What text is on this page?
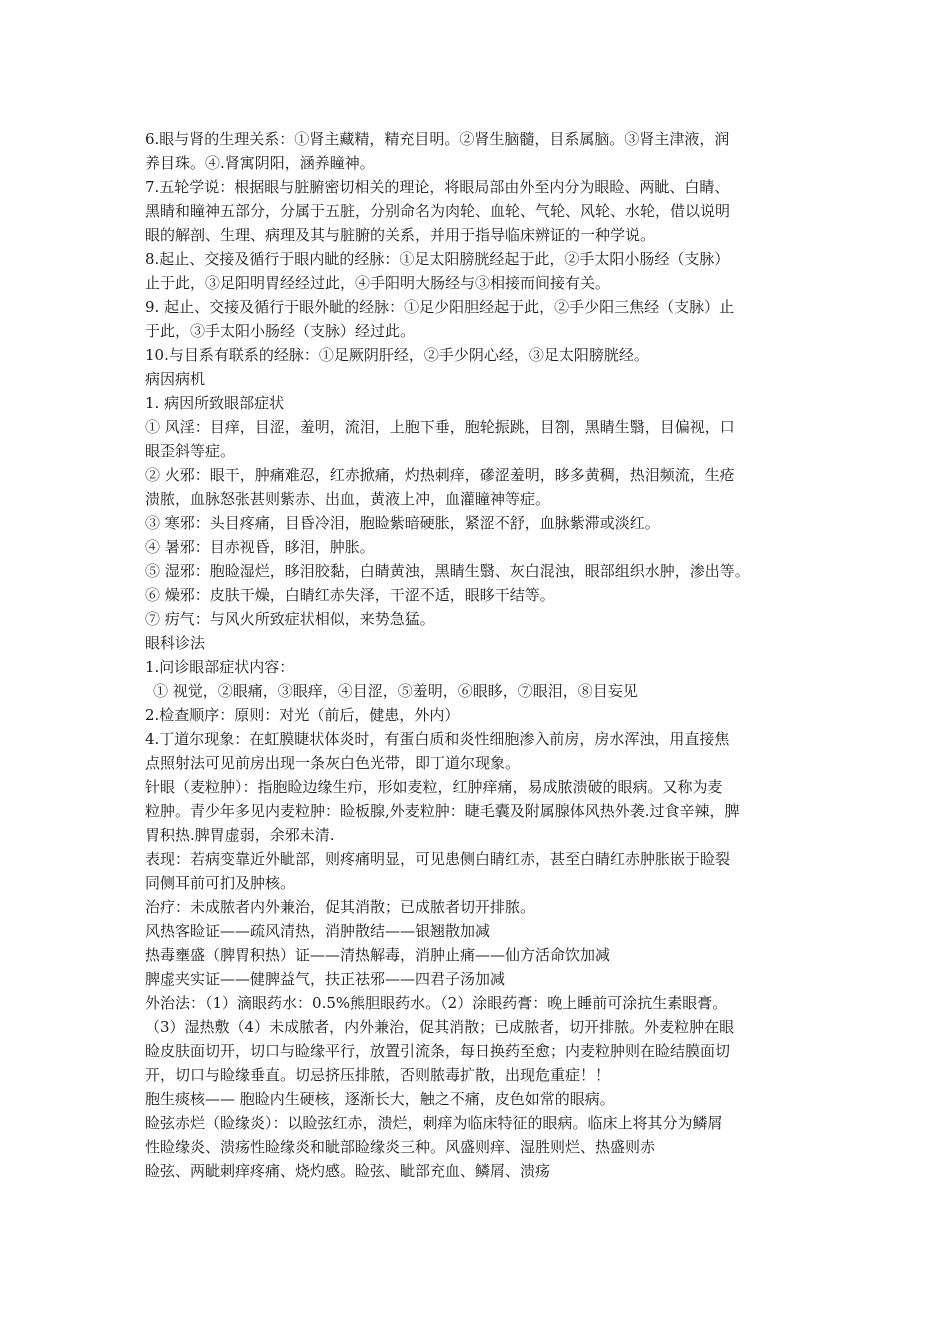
6.眼与肾的生理关系：①肾主藏精，精充目明。②肾生脑髓，目系属脑。③肾主津液，润

养目珠。④.肾寓阴阳，涵养瞳神。

7.五轮学说：根据眼与脏腑密切相关的理论，将眼局部由外至内分为眼睑、两眦、白睛、

黑睛和瞳神五部分，分属于五脏，分别命名为肉轮、血轮、气轮、风轮、水轮，借以说明

眼的解剖、生理、病理及其与脏腑的关系，并用于指导临床辨证的一种学说。

8.起止、交接及循行于眼内眦的经脉：①足太阳膀胱经起于此，②手太阳小肠经（支脉）

止于此，③足阳明胃经经过此，④手阳明大肠经与③相接而间接有关。

9. 起止、交接及循行于眼外眦的经脉：①足少阳胆经起于此，②手少阳三焦经（支脉）止

于此，③手太阳小肠经（支脉）经过此。

10.与目系有联系的经脉：①足厥阴肝经，②手少阴心经，③足太阳膀胱经。

病因病机

1. 病因所致眼部症状

① 风淫：目痒，目涩，羞明，流泪，上胞下垂，胞轮振跳，目劄，黑睛生翳，目偏视，口

眼歪斜等症。

② 火邪：眼干，肿痛难忍，红赤掀痛，灼热刺痒，磣涩羞明，眵多黄稠，热泪频流，生疮

溃脓，血脉怒张甚则紫赤、出血，黄液上冲，血灌瞳神等症。

③ 寒邪：头目疼痛，目昏冷泪，胞睑紫暗硬胀，紧涩不舒，血脉紫滞或淡红。

④ 暑邪：目赤视昏，眵泪，肿胀。

⑤ 湿邪：胞睑湿烂，眵泪胶黏，白睛黄浊，黑睛生翳、灰白混浊，眼部组织水肿，渗出等。

⑥ 燥邪：皮肤干燥，白睛红赤失泽，干涩不适，眼眵干结等。

⑦ 疠气：与风火所致症状相似，来势急猛。

眼科诊法

1.问诊眼部症状内容：

① 视觉，②眼痛，③眼痒，④目涩，⑤羞明，⑥眼眵，⑦眼泪，⑧目妄见

2.检查顺序：原则：对光（前后，健患，外内）

4.丁道尔现象：在虹膜睫状体炎时，有蛋白质和炎性细胞渗入前房，房水浑浊，用直接焦

点照射法可见前房出现一条灰白色光带，即丁道尔现象。

针眼（麦粒肿）：指胞睑边缘生疖，形如麦粒，红肿痒痛，易成脓溃破的眼病。又称为麦

粒肿。青少年多见内麦粒肿：睑板腺,外麦粒肿：睫毛囊及附属腺体风热外袭.过食辛辣，脾

胃积热.脾胃虚弱，余邪未清.

表现：若病变靠近外眦部，则疼痛明显，可见患侧白睛红赤，甚至白睛红赤肿胀嵌于睑裂

同侧耳前可扪及肿核。

治疗：未成脓者内外兼治，促其消散；已成脓者切开排脓。

风热客睑证——疏风清热，消肿散结——银翘散加减

热毒壅盛（脾胃积热）证——清热解毒，消肿止痛——仙方活命饮加减

脾虚夹实证——健脾益气，扶正祛邪——四君子汤加减

外治法：（1）滴眼药水：0.5%熊胆眼药水。（2）涂眼药膏：晚上睡前可涂抗生素眼膏。

（3）湿热敷（4）未成脓者，内外兼治，促其消散；已成脓者，切开排脓。外麦粒肿在眼

睑皮肤面切开，切口与睑缘平行，放置引流条，每日换药至愈；内麦粒肿则在睑结膜面切

开，切口与睑缘垂直。切忌挤压排脓，否则脓毒扩散，出现危重症！！

胞生痰核—— 胞睑内生硬核，逐渐长大，触之不痛，皮色如常的眼病。

睑弦赤烂（睑缘炎）：以睑弦红赤，溃烂，刺痒为临床特征的眼病。临床上将其分为鳞屑

性睑缘炎、溃疡性睑缘炎和眦部睑缘炎三种。风盛则痒、湿胜则烂、热盛则赤

睑弦、两眦刺痒疼痛、烧灼感。睑弦、眦部充血、鳞屑、溃疡
